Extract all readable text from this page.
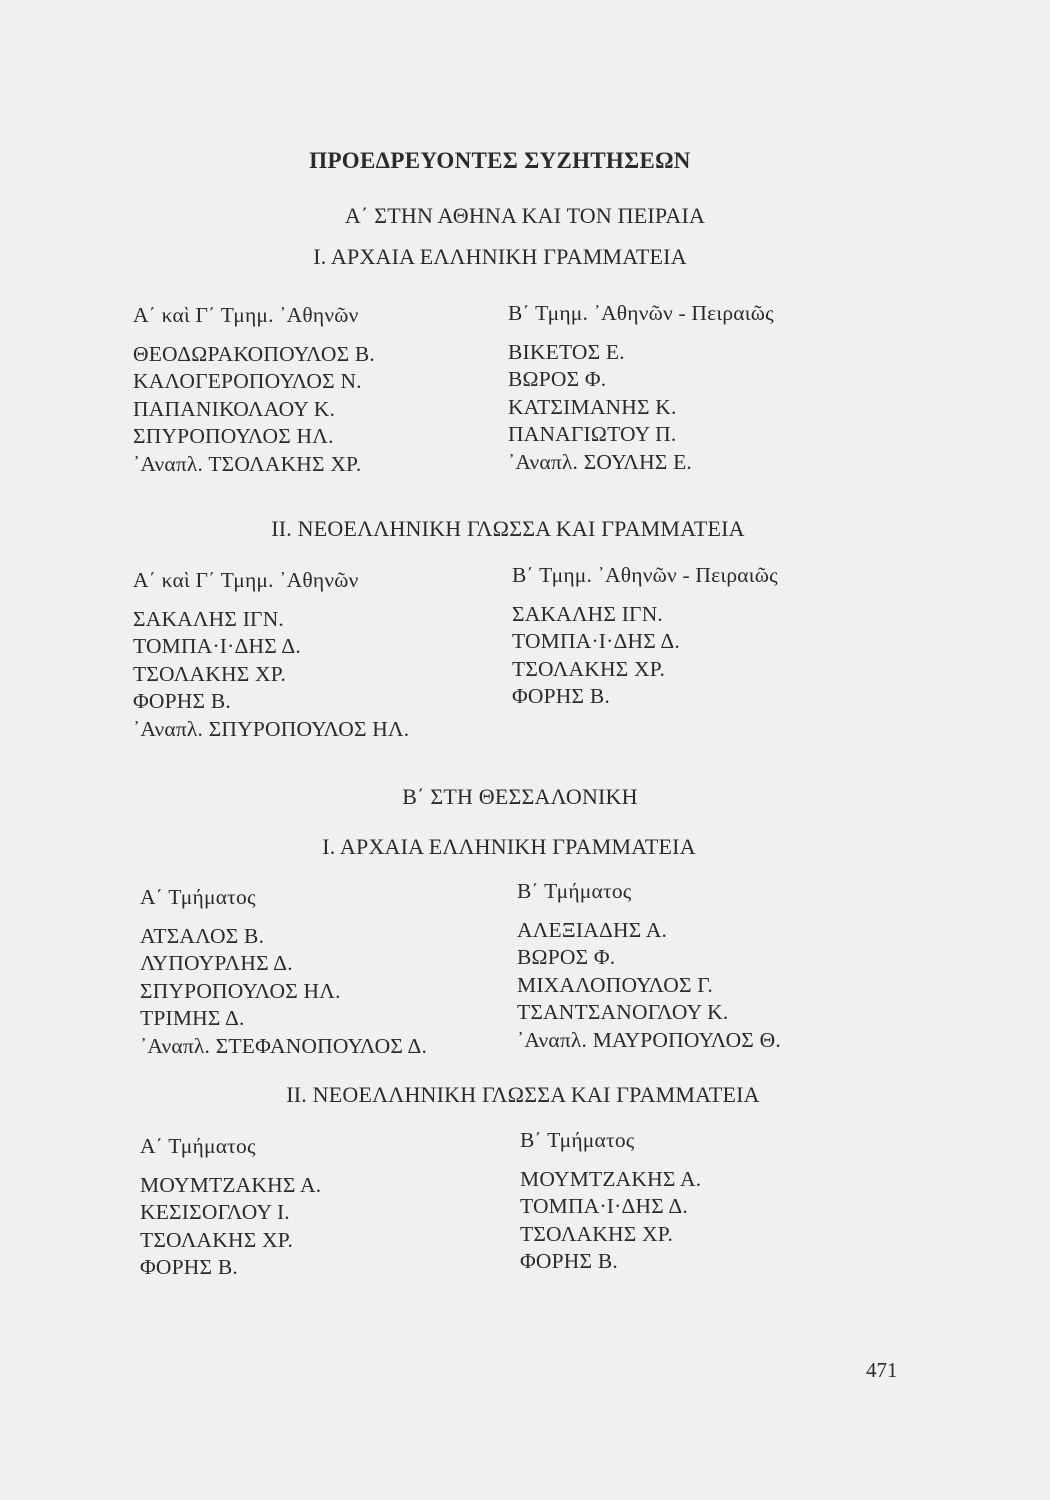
ΠΡΟΕΔΡΕΥΟΝΤΕΣ ΣΥΖΗΤΗΣΕΩΝ
Α΄ ΣΤΗΝ ΑΘΗΝΑ ΚΑΙ ΤΟΝ ΠΕΙΡΑΙΑ
Ι. ΑΡΧΑΙΑ ΕΛΛΗΝΙΚΗ ΓΡΑΜΜΑΤΕΙΑ
Α΄ καὶ Γ΄ Τμημ. ᾿Αθηνῶν
ΘΕΟΔΩΡΑΚΟΠΟΥΛΟΣ Β.
ΚΑΛΟΓΕΡΟΠΟΥΛΟΣ Ν.
ΠΑΠΑΝΙΚΟΛΑΟΥ Κ.
ΣΠΥΡΟΠΟΥΛΟΣ ΗΛ.
᾿Αναπλ. ΤΣΟΛΑΚΗΣ ΧΡ.
Β΄ Τμημ. ᾿Αθηνῶν - Πειραιῶς
ΒΙΚΕΤΟΣ Ε.
ΒΩΡΟΣ Φ.
ΚΑΤΣΙΜΑΝΗΣ Κ.
ΠΑΝΑΓΙΩΤΟΥ Π.
᾿Αναπλ. ΣΟΥΛΗΣ Ε.
ΙΙ. ΝΕΟΕΛΛΗΝΙΚΗ ΓΛΩΣΣΑ ΚΑΙ ΓΡΑΜΜΑΤΕΙΑ
Α΄ καὶ Γ΄ Τμημ. ᾿Αθηνῶν
ΣΑΚΑΛΗΣ ΙΓΝ.
ΤΟΜΠΑ·Ι·ΔΗΣ Δ.
ΤΣΟΛΑΚΗΣ ΧΡ.
ΦΟΡΗΣ Β.
᾿Αναπλ. ΣΠΥΡΟΠΟΥΛΟΣ ΗΛ.
Β΄ Τμημ. ᾿Αθηνῶν - Πειραιῶς
ΣΑΚΑΛΗΣ ΙΓΝ.
ΤΟΜΠΑ·Ι·ΔΗΣ Δ.
ΤΣΟΛΑΚΗΣ ΧΡ.
ΦΟΡΗΣ Β.
Β΄ ΣΤΗ ΘΕΣΣΑΛΟΝΙΚΗ
Ι. ΑΡΧΑΙΑ ΕΛΛΗΝΙΚΗ ΓΡΑΜΜΑΤΕΙΑ
Α΄ Τμήματος
ΑΤΣΑΛΟΣ Β.
ΛΥΠΟΥΡΛΗΣ Δ.
ΣΠΥΡΟΠΟΥΛΟΣ ΗΛ.
ΤΡΙΜΗΣ Δ.
᾿Αναπλ. ΣΤΕΦΑΝΟΠΟΥΛΟΣ Δ.
Β΄ Τμήματος
ΑΛΕΞΙΑΔΗΣ Α.
ΒΩΡΟΣ Φ.
ΜΙΧΑΛΟΠΟΥΛΟΣ Γ.
ΤΣΑΝΤΣΑΝΟΓΛΟΥ Κ.
᾿Αναπλ. ΜΑΥΡΟΠΟΥΛΟΣ Θ.
ΙΙ. ΝΕΟΕΛΛΗΝΙΚΗ ΓΛΩΣΣΑ ΚΑΙ ΓΡΑΜΜΑΤΕΙΑ
Α΄ Τμήματος
ΜΟΥΜΤΖΑΚΗΣ Α.
ΚΕΣΙΣΟΓΛΟΥ Ι.
ΤΣΟΛΑΚΗΣ ΧΡ.
ΦΟΡΗΣ Β.
Β΄ Τμήματος
ΜΟΥΜΤΖΑΚΗΣ Α.
ΤΟΜΠΑ·Ι·ΔΗΣ Δ.
ΤΣΟΛΑΚΗΣ ΧΡ.
ΦΟΡΗΣ Β.
471
